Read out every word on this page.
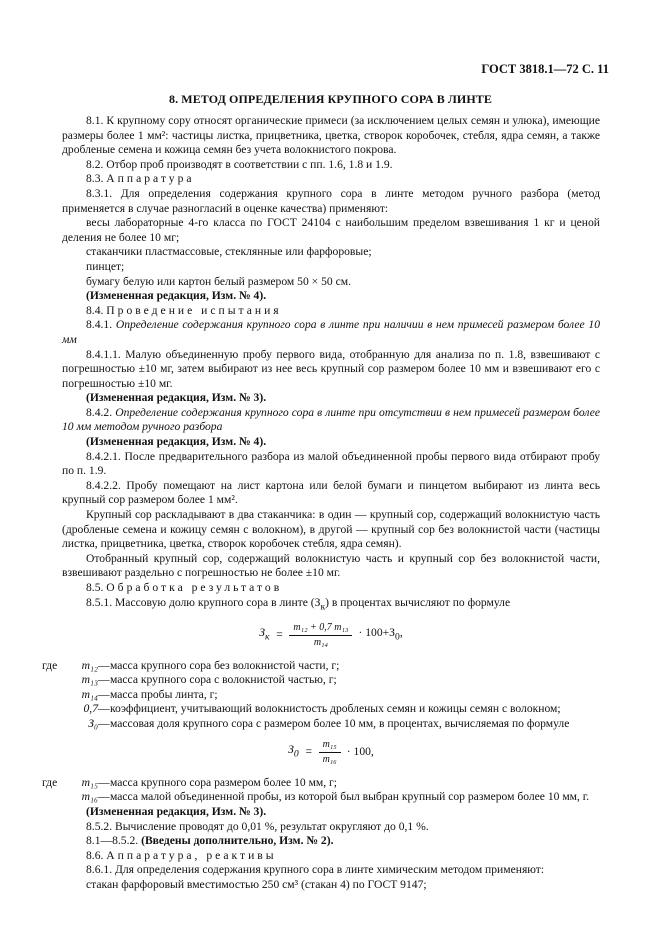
ГОСТ 3818.1—72 С. 11
8. МЕТОД ОПРЕДЕЛЕНИЯ КРУПНОГО СОРА В ЛИНТЕ

8.1. К крупному сору относят органические примеси (за исключением целых семян и улюка), имеющие размеры более 1 мм²: частицы листка, прицветника, цветка, створок коробочек, стебля, ядра семян, а также дробленые семена и кожица семян без учета волокнистого покрова.

8.2. Отбор проб производят в соответствии с пп. 1.6, 1.8 и 1.9.

8.3. Аппаратура

8.3.1. Для определения содержания крупного сора в линте методом ручного разбора (метод применяется в случае разногласий в оценке качества) применяют:

весы лабораторные 4-го класса по ГОСТ 24104 с наибольшим пределом взвешивания 1 кг и ценой деления не более 10 мг;

стаканчики пластмассовые, стеклянные или фарфоровые;

пинцет;

бумагу белую или картон белый размером 50 × 50 см.

(Измененная редакция, Изм. № 4).

8.4. Проведение испытания

8.4.1. Определение содержания крупного сора в линте при наличии в нем примесей размером более 10 мм

8.4.1.1. Малую объединенную пробу первого вида, отобранную для анализа по п. 1.8, взвешивают с погрешностью ±10 мг, затем выбирают из нее весь крупный сор размером более 10 мм и взвешивают его с погрешностью ±10 мг.

(Измененная редакция, Изм. № 3).

8.4.2. Определение содержания крупного сора в линте при отсутствии в нем примесей размером более 10 мм методом ручного разбора

(Измененная редакция, Изм. № 4).

8.4.2.1. После предварительного разбора из малой объединенной пробы первого вида отбирают пробу по п. 1.9.

8.4.2.2. Пробу помещают на лист картона или белой бумаги и пинцетом выбирают из линта весь крупный сор размером более 1 мм².

Крупный сор раскладывают в два стаканчика: в один — крупный сор, содержащий волокнистую часть (дробленые семена и кожицу семян с волокном), в другой — крупный сор без волокнистой части (частицы листка, прицветника, цветка, створок коробочек стебля, ядра семян).

Отобранный крупный сор, содержащий волокнистую часть и крупный сор без волокнистой части, взвешивают раздельно с погрешностью не более ±10 мг.

8.5. Обработка результатов

8.5.1. Массовую долю крупного сора в линте $(З_к)$ в процентах вычисляют по формуле

$З_к = \frac{\text{m₁₂ + 0,7 m₁₃}}{\text{m₁₄}} \cdot 100+З_0$,
где	m₁₂	—	масса крупного сора без волокнистой части, г;
	m₁₃	—	масса крупного сора с волокнистой частью, г;
	m₁₄	—	масса пробы линта, г;
	0,7	—	коэффициент, учитывающий волокнистость дробленых семян и кожицы семян с волокном;
	З₀	—	массовая доля крупного сора с размером более 10 мм, в процентах, вычисляемая по формуле
$З_0 = \frac{\text{m₁₅}}{\text{m₁₆}} \cdot 100$,
где	m₁₅	—	масса крупного сора размером более 10 мм, г;
	m₁₆	—	масса малой объединенной пробы, из которой был выбран крупный сор размером более 10 мм, г.

(Измененная редакция, Изм. № 3).

8.5.2. Вычисление проводят до 0,01 %, результат округляют до 0,1 %.

8.1—8.5.2. (Введены дополнительно, Изм. № 2).

8.6. Аппаратура, реактивы

8.6.1. Для определения содержания крупного сора в линте химическим методом применяют:

стакан фарфоровый вместимостью 250 см³ (стакан 4) по ГОСТ 9147;
